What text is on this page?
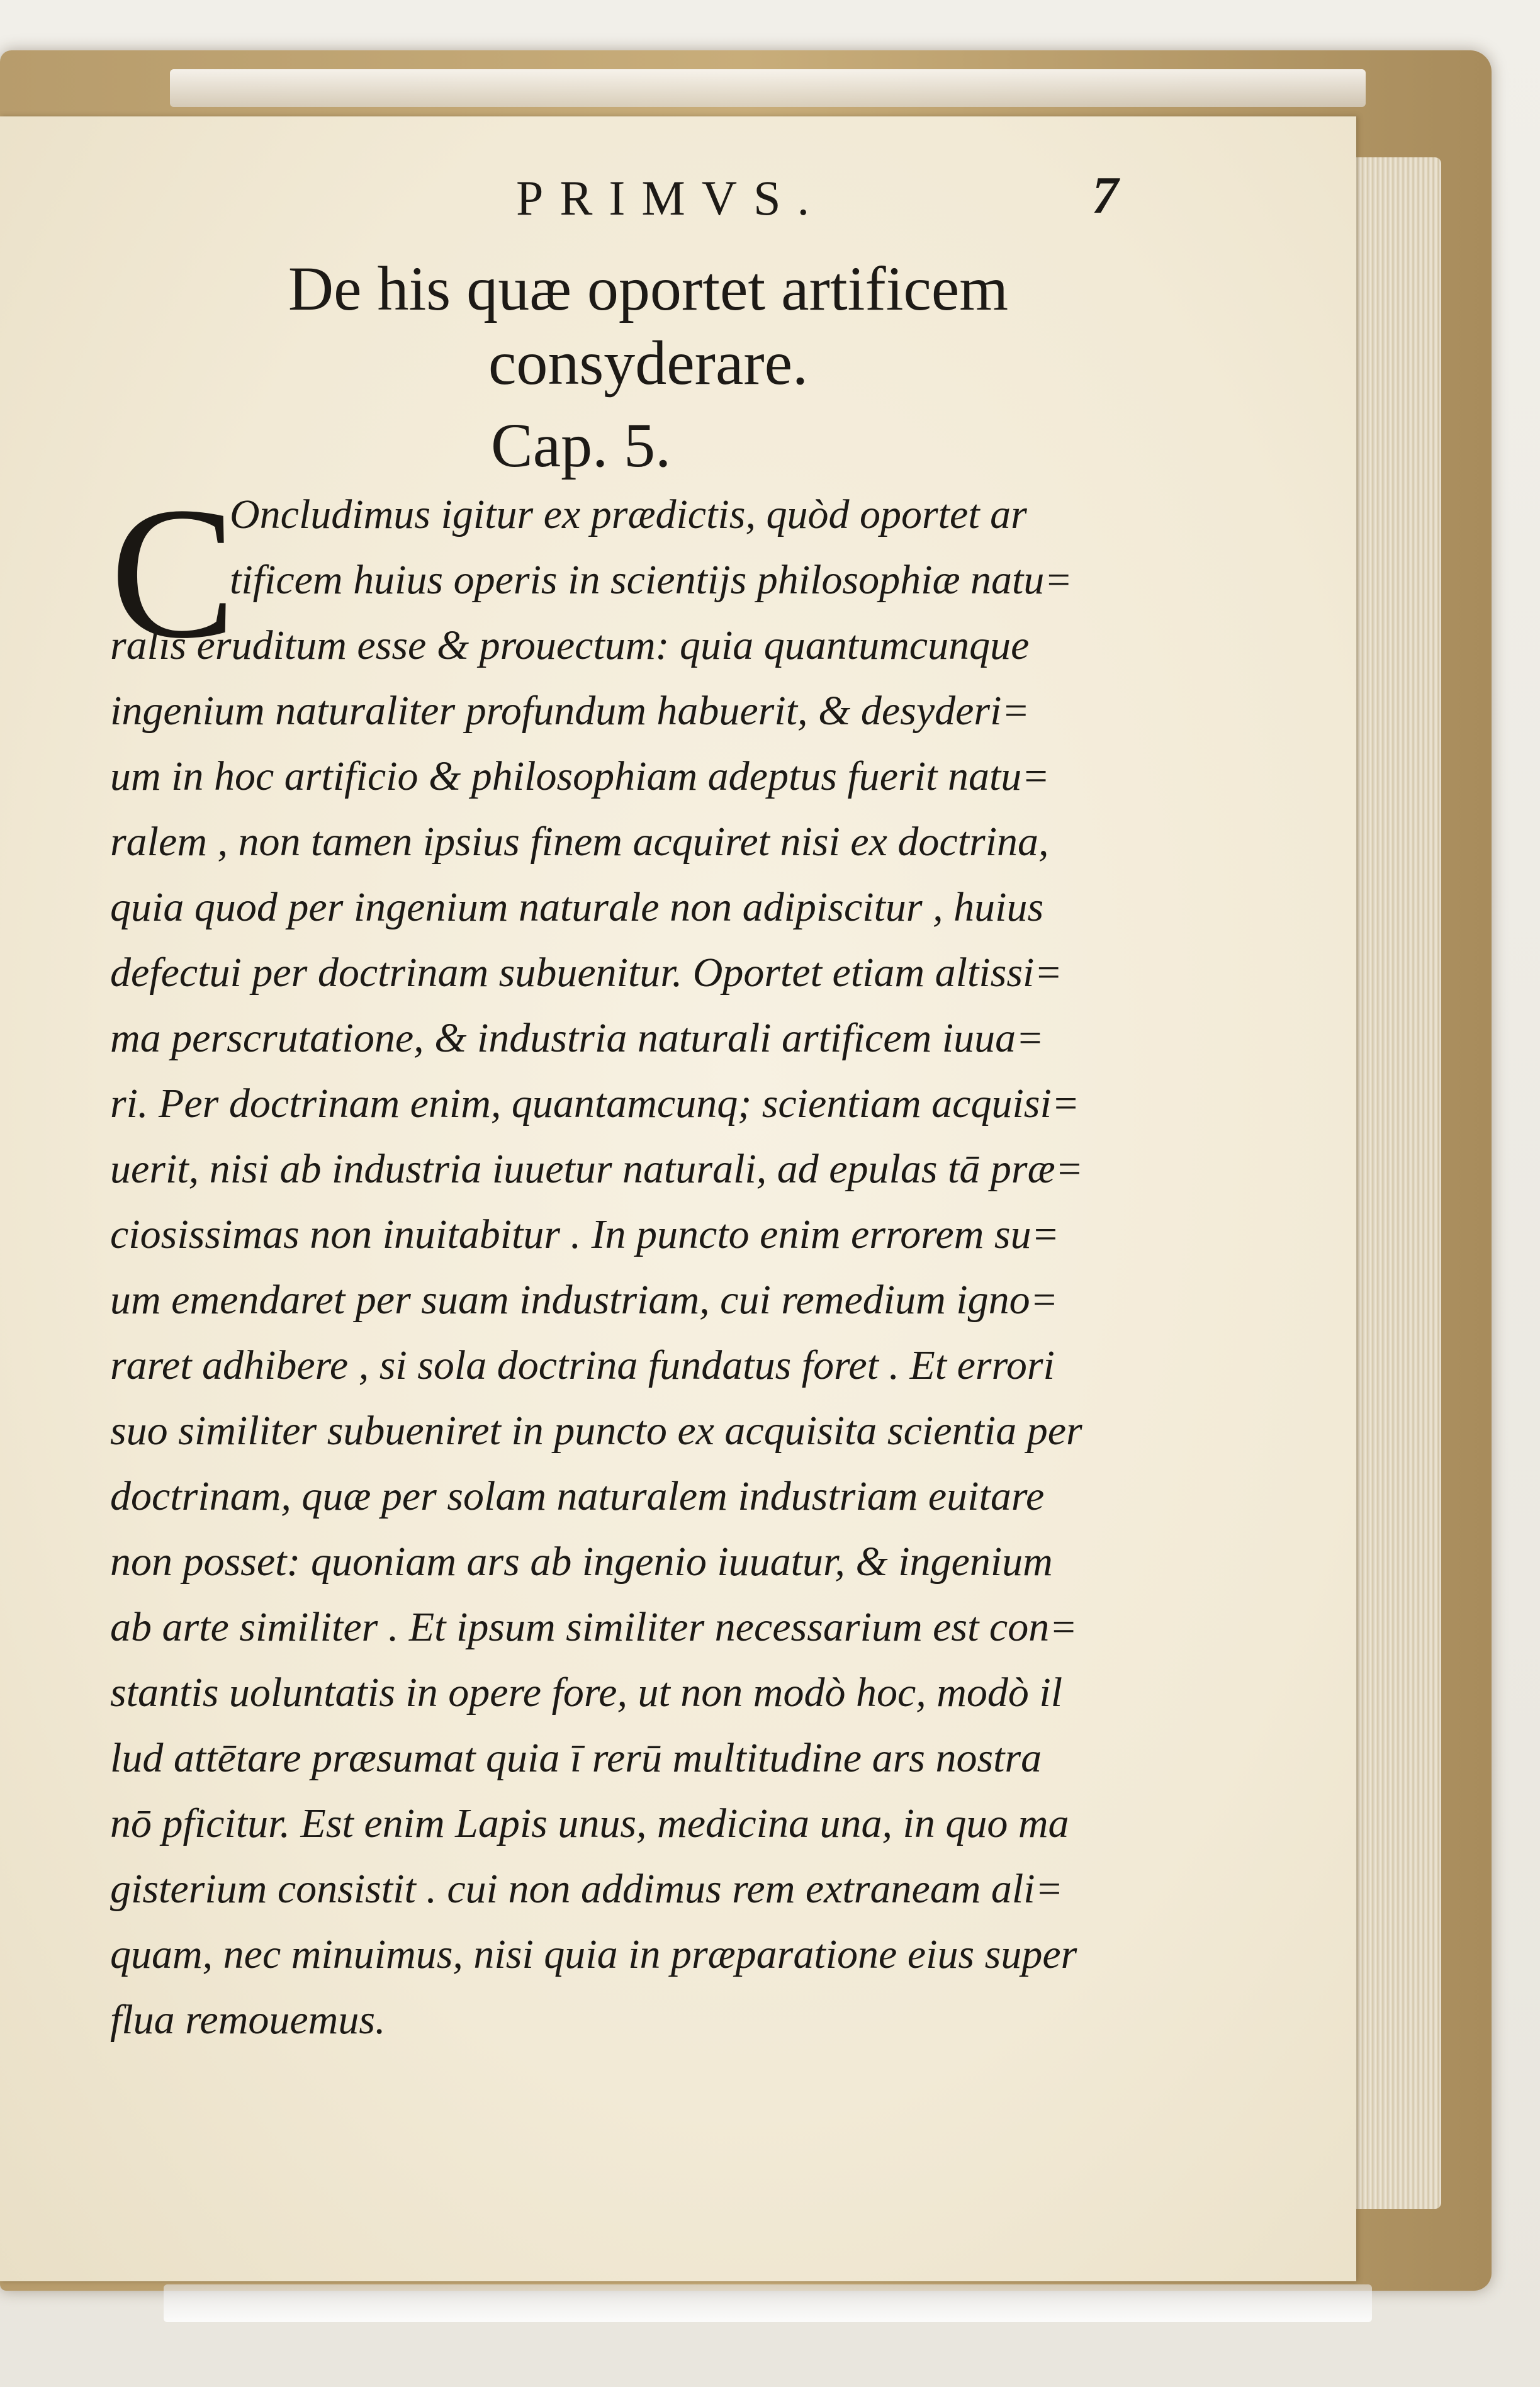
PRIMVS.	7
De his quæ oportet artificem
consyderare.
Cap. 5.
C
Oncludimus igitur ex prædictis, quòd oportet ar
tificem huius operis in scientijs philosophiæ natu=
ralis eruditum esse & prouectum: quia quantumcunque
ingenium naturaliter profundum habuerit, & desyderi=
um in hoc artificio & philosophiam adeptus fuerit natu=
ralem , non tamen ipsius finem acquiret nisi ex doctrina,
quia quod per ingenium naturale non adipiscitur , huius
defectui per doctrinam subuenitur. Oportet etiam altissi=
ma perscrutatione, & industria naturali artificem iuua=
ri. Per doctrinam enim, quantamcunq; scientiam acquisi=
uerit, nisi ab industria iuuetur naturali, ad epulas tā præ=
ciosissimas non inuitabitur . In puncto enim errorem su=
um emendaret per suam industriam, cui remedium igno=
raret adhibere , si sola doctrina fundatus foret . Et errori
suo similiter subueniret in puncto ex acquisita scientia per
doctrinam, quæ per solam naturalem industriam euitare
non posset: quoniam ars ab ingenio iuuatur, & ingenium
ab arte similiter . Et ipsum similiter necessarium est con=
stantis uoluntatis in opere fore, ut non modò hoc, modò il
lud attētare præsumat quia ī rerū multitudine ars nostra
nō pficitur. Est enim Lapis unus, medicina una, in quo ma
gisterium consistit . cui non addimus rem extraneam ali=
quam, nec minuimus, nisi quia in præparatione eius super
flua remouemus.
